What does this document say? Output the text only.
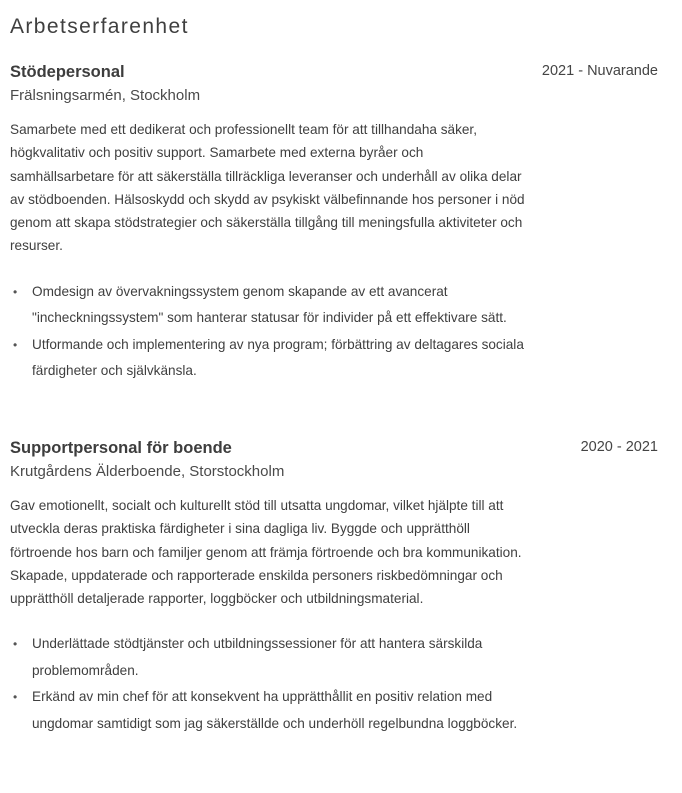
Arbetserfarenhet
Stödepersonal	2021 - Nuvarande
Frälsningsarmén, Stockholm

Samarbete med ett dedikerat och professionellt team för att tillhandaha säker, högkvalitativ och positiv support. Samarbete med externa byråer och samhällsarbetare för att säkerställa tillräckliga leveranser och underhåll av olika delar av stödboenden. Hälsoskydd och skydd av psykiskt välbefinnande hos personer i nöd genom att skapa stödstrategier och säkerställa tillgång till meningsfulla aktiviteter och resurser.

• Omdesign av övervakningssystem genom skapande av ett avancerat "incheckningssystem" som hanterar statusar för individer på ett effektivare sätt.
• Utformande och implementering av nya program; förbättring av deltagares sociala färdigheter och självkänsla.
Supportpersonal för boende	2020 - 2021
Krutgårdens Älderboende, Storstockholm

Gav emotionellt, socialt och kulturellt stöd till utsatta ungdomar, vilket hjälpte till att utveckla deras praktiska färdigheter i sina dagliga liv. Byggde och upprätthöll förtroende hos barn och familjer genom att främja förtroende och bra kommunikation. Skapade, uppdaterade och rapporterade enskilda personers riskbedömningar och upprätthöll detaljerade rapporter, loggböcker och utbildningsmaterial.

• Underlättade stödtjänster och utbildningssessioner för att hantera särskilda problemområden.
• Erkänd av min chef för att konsekvent ha upprätthållit en positiv relation med ungdomar samtidigt som jag säkerställde och underhöll regelbundna loggböcker.
